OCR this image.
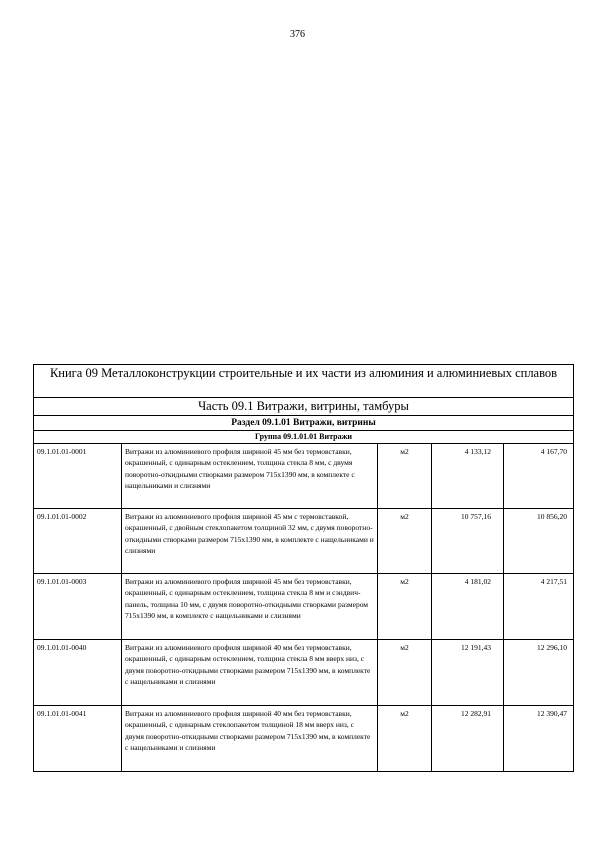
376
Книга 09 Металлоконструкции строительные и их части из алюминия и алюминиевых сплавов				
Часть 09.1 Витражи, витрины, тамбуры				
Раздел 09.1.01 Витражи, витрины				
Группа 09.1.01.01 Витражи				
09.1.01.01-0001	Витражи из алюминиевого профиля шириной 45 мм без термовставки, окрашенный, с одинарным остеклением, толщина стекла 8 мм, с двумя поворотно-откидными створками размером 715х1390 мм, в комплекте с нащельниками и слизнями	м2	4 133,12	4 167,70
09.1.01.01-0002	Витражи из алюминиевого профиля шириной 45 мм с термовставкой, окрашенный, с двойным стеклопакетом толщиной 32 мм, с двумя поворотно-откидными створками размером 715х1390 мм, в комплекте с нащельниками и слизнями	м2	10 757,16	10 856,20
09.1.01.01-0003	Витражи из алюминиевого профиля шириной 45 мм без термовставки, окрашенный, с одинарным остеклением, толщина стекла 8 мм и сэндвич-панель, толщина 10 мм, с двумя поворотно-откидными створками размером 715х1390 мм, в комплекте с нащельниками и слизнями	м2	4 181,02	4 217,51
09.1.01.01-0040	Витражи из алюминиевого профиля шириной 40 мм без термовставки, окрашенный, с одинарным остеклением, толщина стекла 8 мм вверх низ, с двумя поворотно-откидными створками размером 715х1390 мм, в комплекте с нащельниками и слизнями	м2	12 191,43	12 296,10
09.1.01.01-0041	Витражи из алюминиевого профиля шириной 40 мм без термовставки, окрашенный, с одинарным стеклопакетом толщиной 18 мм вверх низ, с двумя поворотно-откидными створками размером 715х1390 мм, в комплекте с нащельниками и слизнями	м2	12 282,91	12 390,47
